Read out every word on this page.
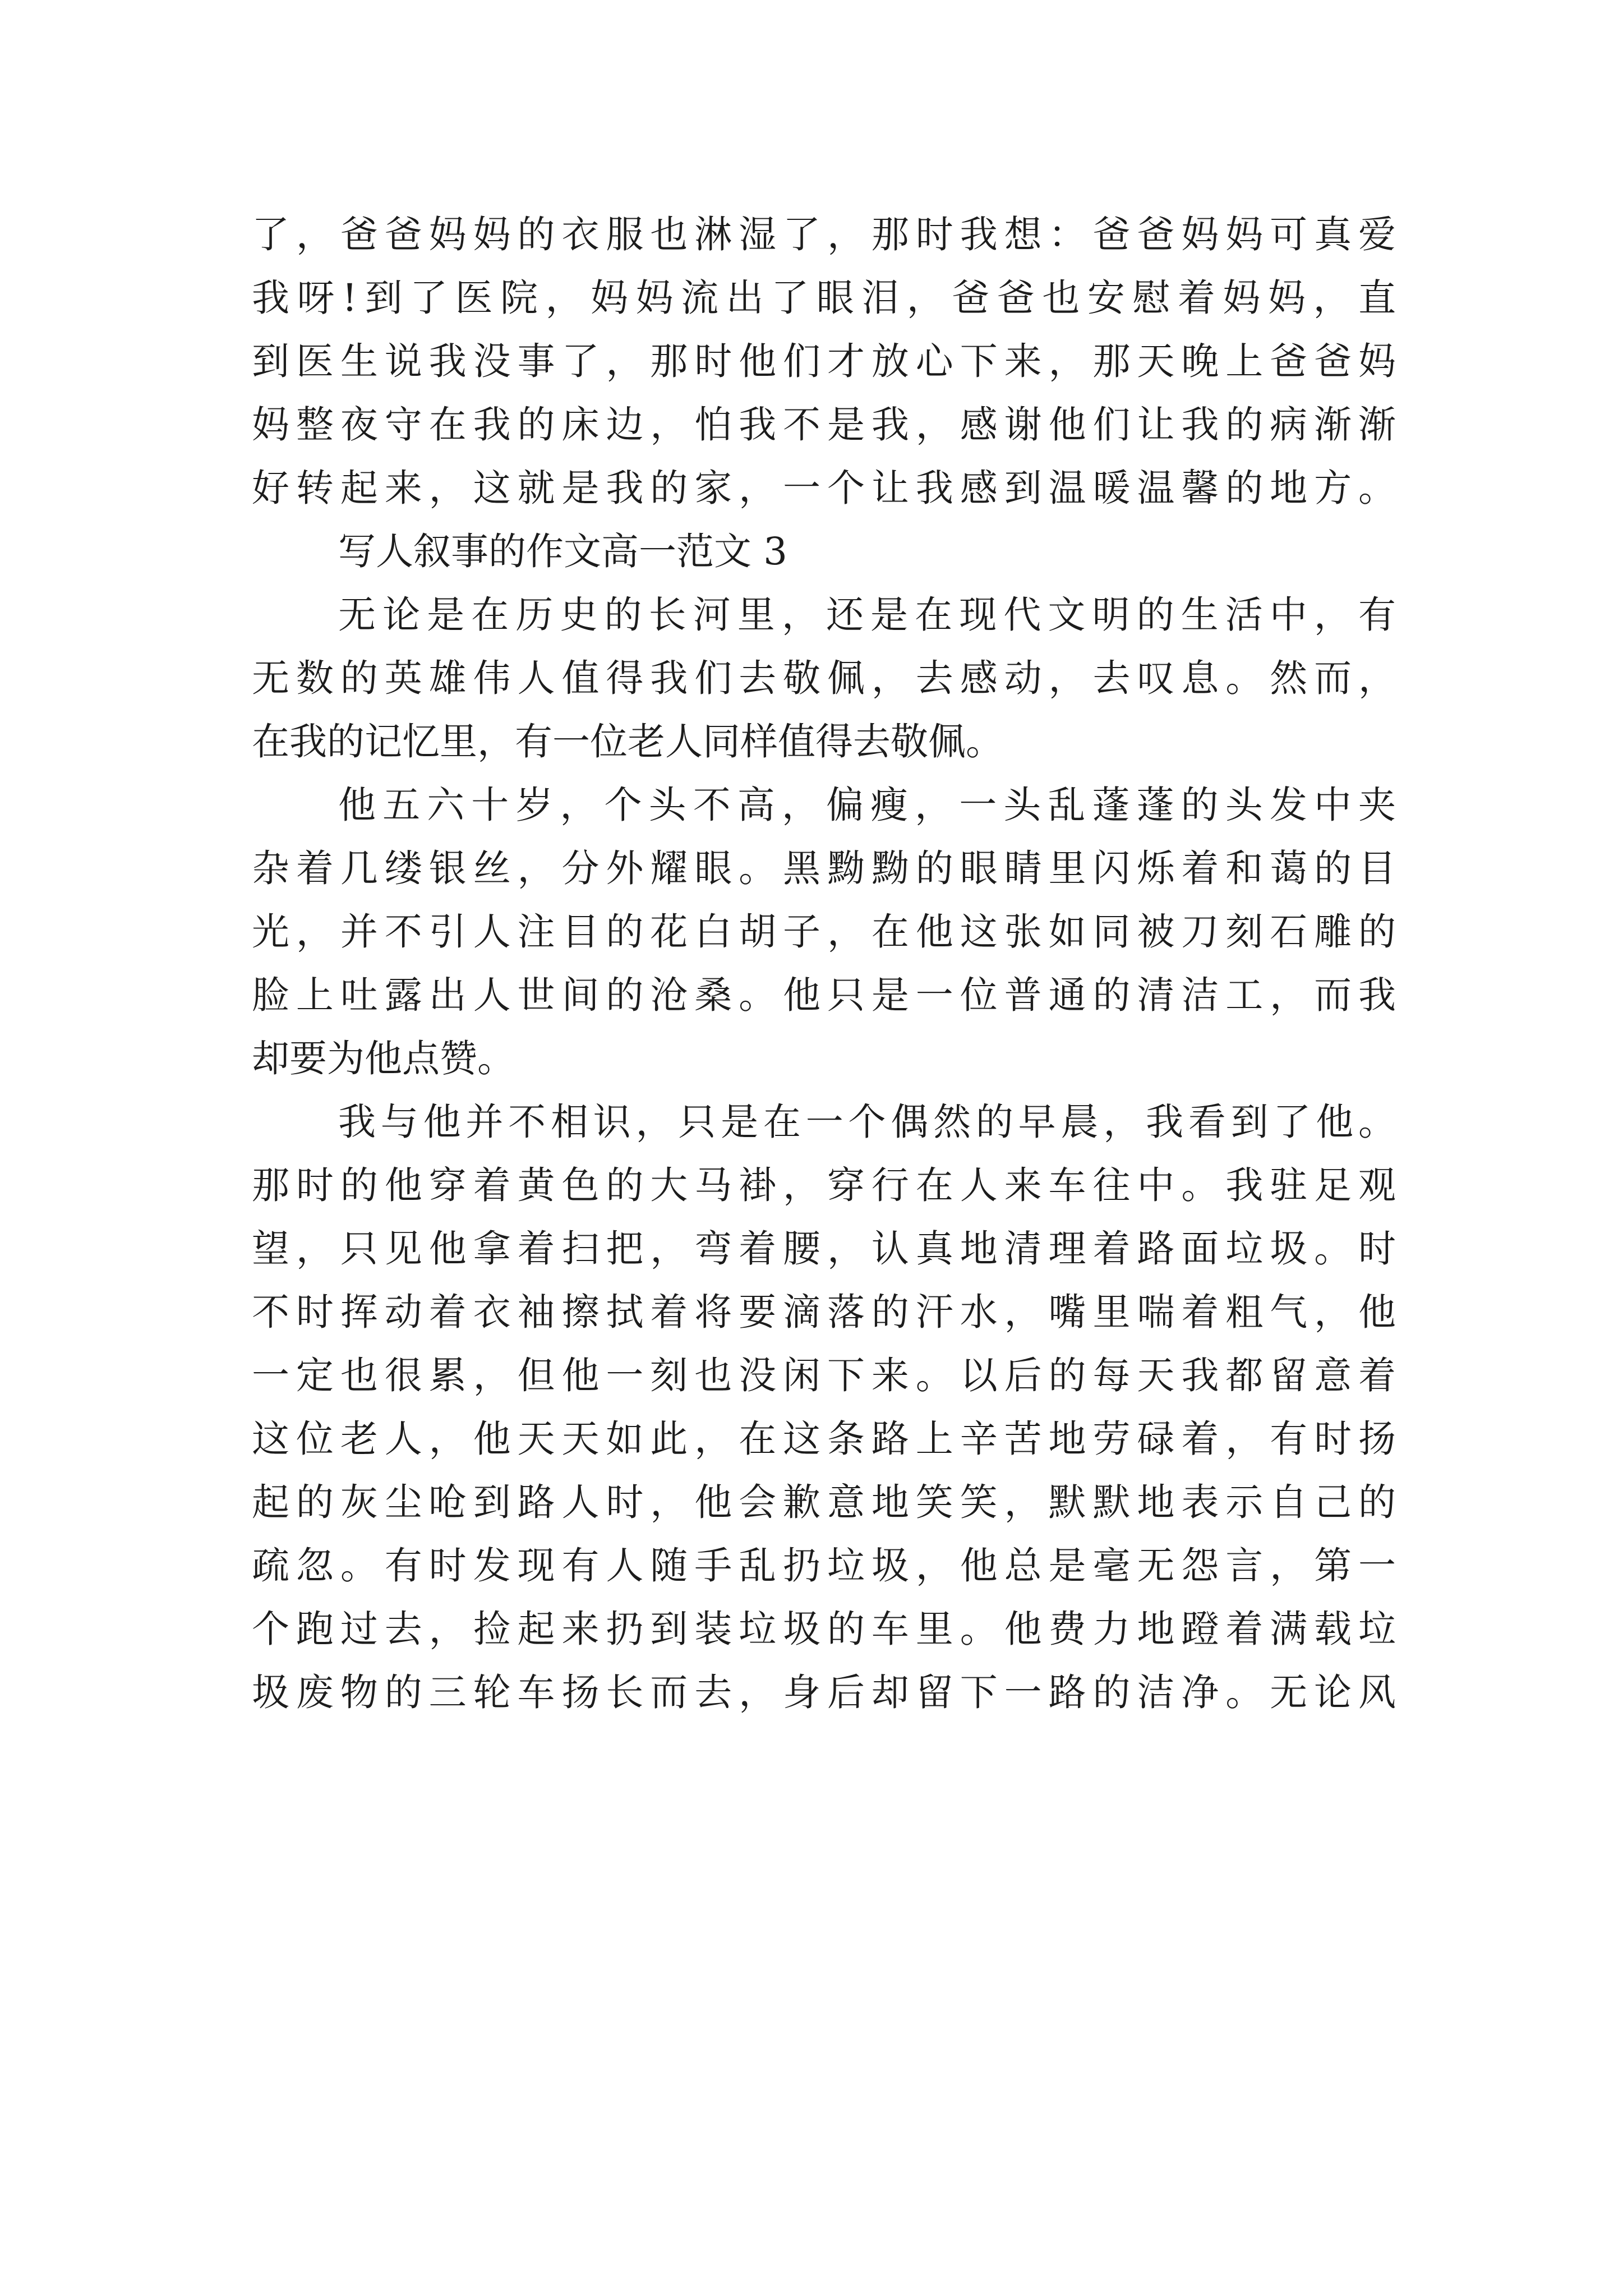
了，爸爸妈妈的衣服也淋湿了，那时我想：爸爸妈妈可真爱
我呀!到了医院，妈妈流出了眼泪，爸爸也安慰着妈妈，直
到医生说我没事了，那时他们才放心下来，那天晚上爸爸妈
妈整夜守在我的床边，怕我不是我，感谢他们让我的病渐渐
好转起来，这就是我的家，一个让我感到温暖温馨的地方。
写人叙事的作文高一范文 3
无论是在历史的长河里，还是在现代文明的生活中，有
无数的英雄伟人值得我们去敬佩，去感动，去叹息。然而，
在我的记忆里，有一位老人同样值得去敬佩。
他五六十岁，个头不高，偏瘦，一头乱蓬蓬的头发中夹
杂着几缕银丝，分外耀眼。黑黝黝的眼睛里闪烁着和蔼的目
光，并不引人注目的花白胡子，在他这张如同被刀刻石雕的
脸上吐露出人世间的沧桑。他只是一位普通的清洁工，而我
却要为他点赞。
我与他并不相识，只是在一个偶然的早晨，我看到了他。
那时的他穿着黄色的大马褂，穿行在人来车往中。我驻足观
望，只见他拿着扫把，弯着腰，认真地清理着路面垃圾。时
不时挥动着衣袖擦拭着将要滴落的汗水，嘴里喘着粗气，他
一定也很累，但他一刻也没闲下来。以后的每天我都留意着
这位老人，他天天如此，在这条路上辛苦地劳碌着，有时扬
起的灰尘呛到路人时，他会歉意地笑笑，默默地表示自己的
疏忽。有时发现有人随手乱扔垃圾，他总是毫无怨言，第一
个跑过去，捡起来扔到装垃圾的车里。他费力地蹬着满载垃
圾废物的三轮车扬长而去，身后却留下一路的洁净。无论风
